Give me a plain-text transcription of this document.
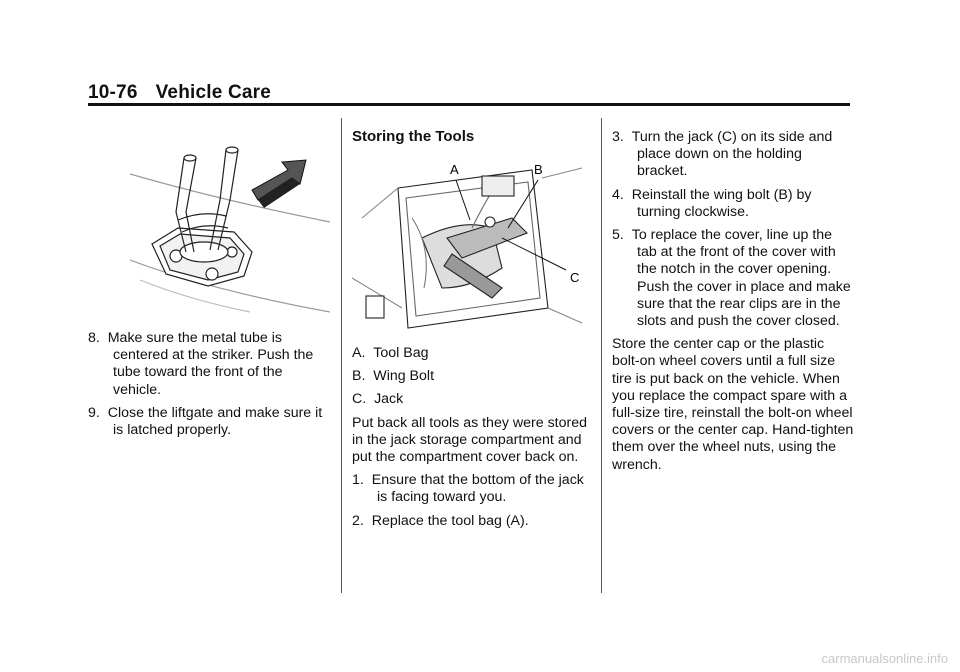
10-76 Vehicle Care
8. Make sure the metal tube is centered at the striker. Push the tube toward the front of the vehicle.
9. Close the liftgate and make sure it is latched properly.

Storing the Tools

A	B
C
A. Tool Bag
B. Wing Bolt
C. Jack

Put back all tools as they were stored in the jack storage compartment and put the compartment cover back on.

1. Ensure that the bottom of the jack is facing toward you.
2. Replace the tool bag (A).
3. Turn the jack (C) on its side and place down on the holding bracket.
4. Reinstall the wing bolt (B) by turning clockwise.
5. To replace the cover, line up the tab at the front of the cover with the notch in the cover opening. Push the cover in place and make sure that the rear clips are in the slots and push the cover closed.

Store the center cap or the plastic bolt-on wheel covers until a full size tire is put back on the vehicle. When you replace the compact spare with a full-size tire, reinstall the bolt-on wheel covers or the center cap. Hand-tighten them over the wheel nuts, using the wrench.

carmanualsonline.info
